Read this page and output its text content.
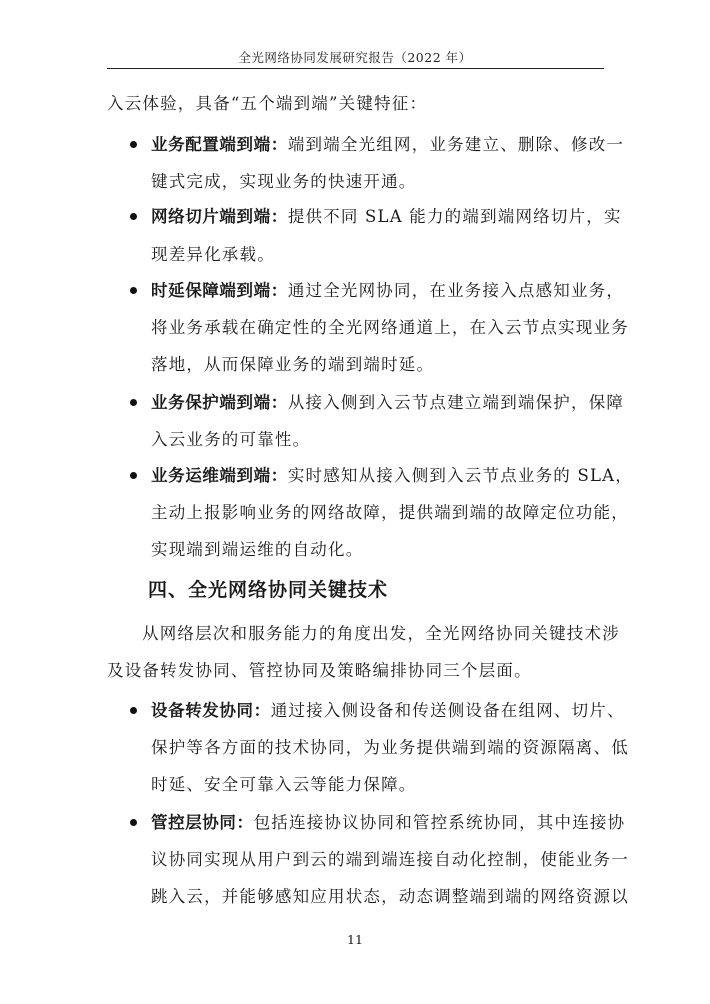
全光网络协同发展研究报告（2022 年）
入云体验，具备“五个端到端”关键特征：
业务配置端到端：端到端全光组网，业务建立、删除、修改一
键式完成，实现业务的快速开通。
网络切片端到端：提供不同 SLA 能力的端到端网络切片，实
现差异化承载。
时延保障端到端：通过全光网协同，在业务接入点感知业务，
将业务承载在确定性的全光网络通道上，在入云节点实现业务
落地，从而保障业务的端到端时延。
业务保护端到端：从接入侧到入云节点建立端到端保护，保障
入云业务的可靠性。
业务运维端到端：实时感知从接入侧到入云节点业务的 SLA，
主动上报影响业务的网络故障，提供端到端的故障定位功能，
实现端到端运维的自动化。
四、全光网络协同关键技术
从网络层次和服务能力的角度出发，全光网络协同关键技术涉
及设备转发协同、管控协同及策略编排协同三个层面。
设备转发协同：通过接入侧设备和传送侧设备在组网、切片、
保护等各方面的技术协同，为业务提供端到端的资源隔离、低
时延、安全可靠入云等能力保障。
管控层协同：包括连接协议协同和管控系统协同，其中连接协
议协同实现从用户到云的端到端连接自动化控制，使能业务一
跳入云，并能够感知应用状态，动态调整端到端的网络资源以
11
